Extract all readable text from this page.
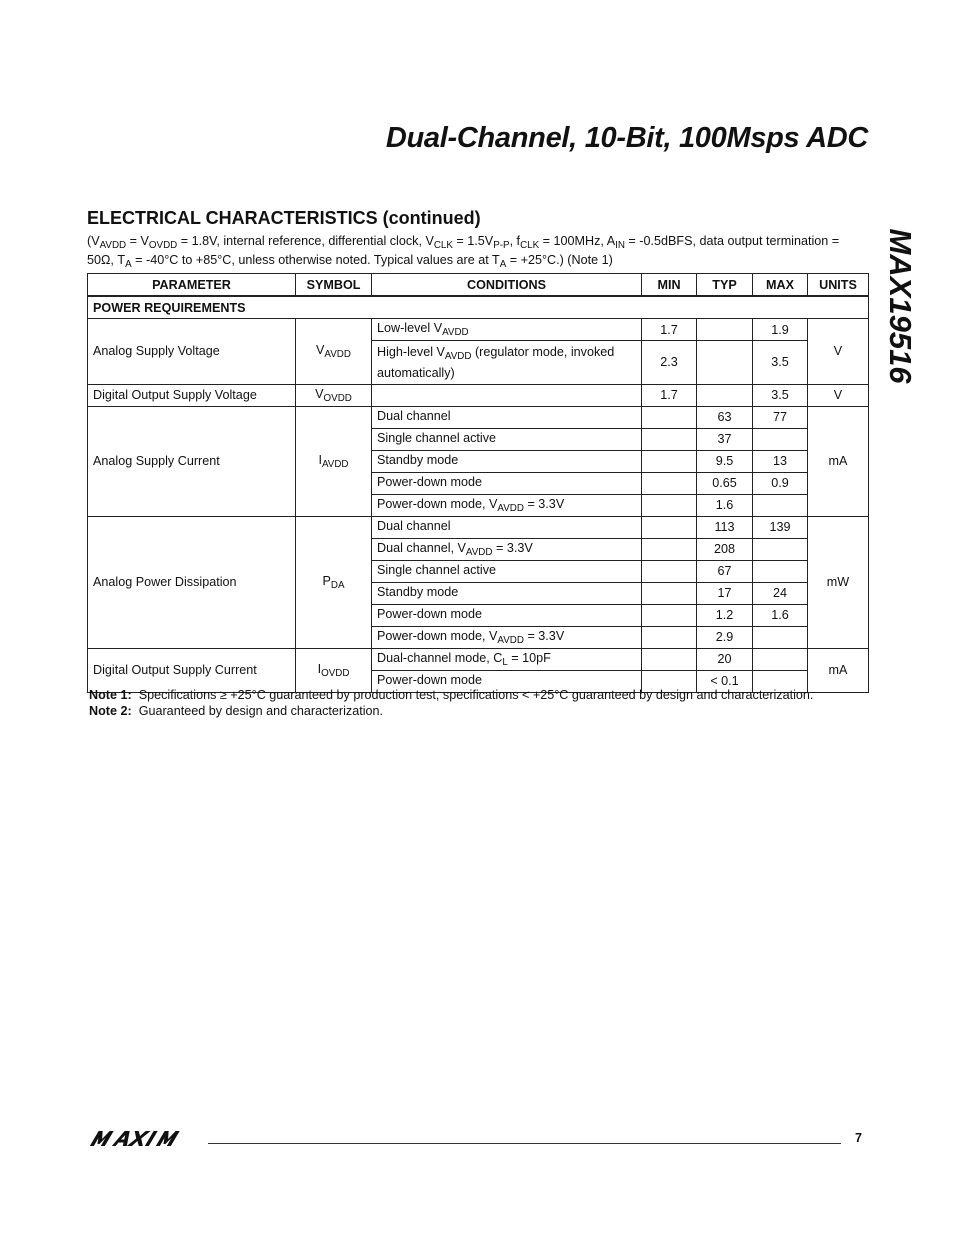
Dual-Channel, 10-Bit, 100Msps ADC
MAX19516
ELECTRICAL CHARACTERISTICS (continued)
($V_{AVDD} = V_{OVDD} = 1.8V$, internal reference, differential clock, $V_{CLK} = 1.5V_{P-P}$, $f_{CLK} = 100MHz$, $A_{IN}$ = -0.5dBFS, data output termination = 50Ω, $T_A = -40^\circ C$ to +85°C, unless otherwise noted. Typical values are at $T_A = +25^\circ C$.) (Note 1)
PARAMETER	SYMBOL	CONDITIONS	MIN	TYP	MAX	UNITS
POWER REQUIREMENTS						
Analog Supply Voltage	$V_{AVDD}$	Low-level $V_{AVDD}$	1.7		1.9	V
		High-level $V_{AVDD}$ (regulator mode, invoked automatically)	2.3		3.5	
Digital Output Supply Voltage	$V_{OVDD}$		1.7		3.5	V
Analog Supply Current	$I_{AVDD}$	Dual channel		63	77	mA
		Single channel active		37		
		Standby mode		9.5	13	
		Power-down mode		0.65	0.9	
		Power-down mode, $V_{AVDD} = 3.3V$		1.6		
Analog Power Dissipation	$P_{DA}$	Dual channel		113	139	mW
		Dual channel, $V_{AVDD} = 3.3V$		208		
		Single channel active		67		
		Standby mode		17	24	
		Power-down mode		1.2	1.6	
		Power-down mode, $V_{AVDD} = 3.3V$		2.9		
Digital Output Supply Current	$I_{OVDD}$	Dual-channel mode, $C_L = 10pF$		20		mA
		Power-down mode		< 0.1		
Note 1: Specifications ≥ +25°C guaranteed by production test, specifications < +25°C guaranteed by design and characterization.
Note 2: Guaranteed by design and characterization.
MAXIM
7
